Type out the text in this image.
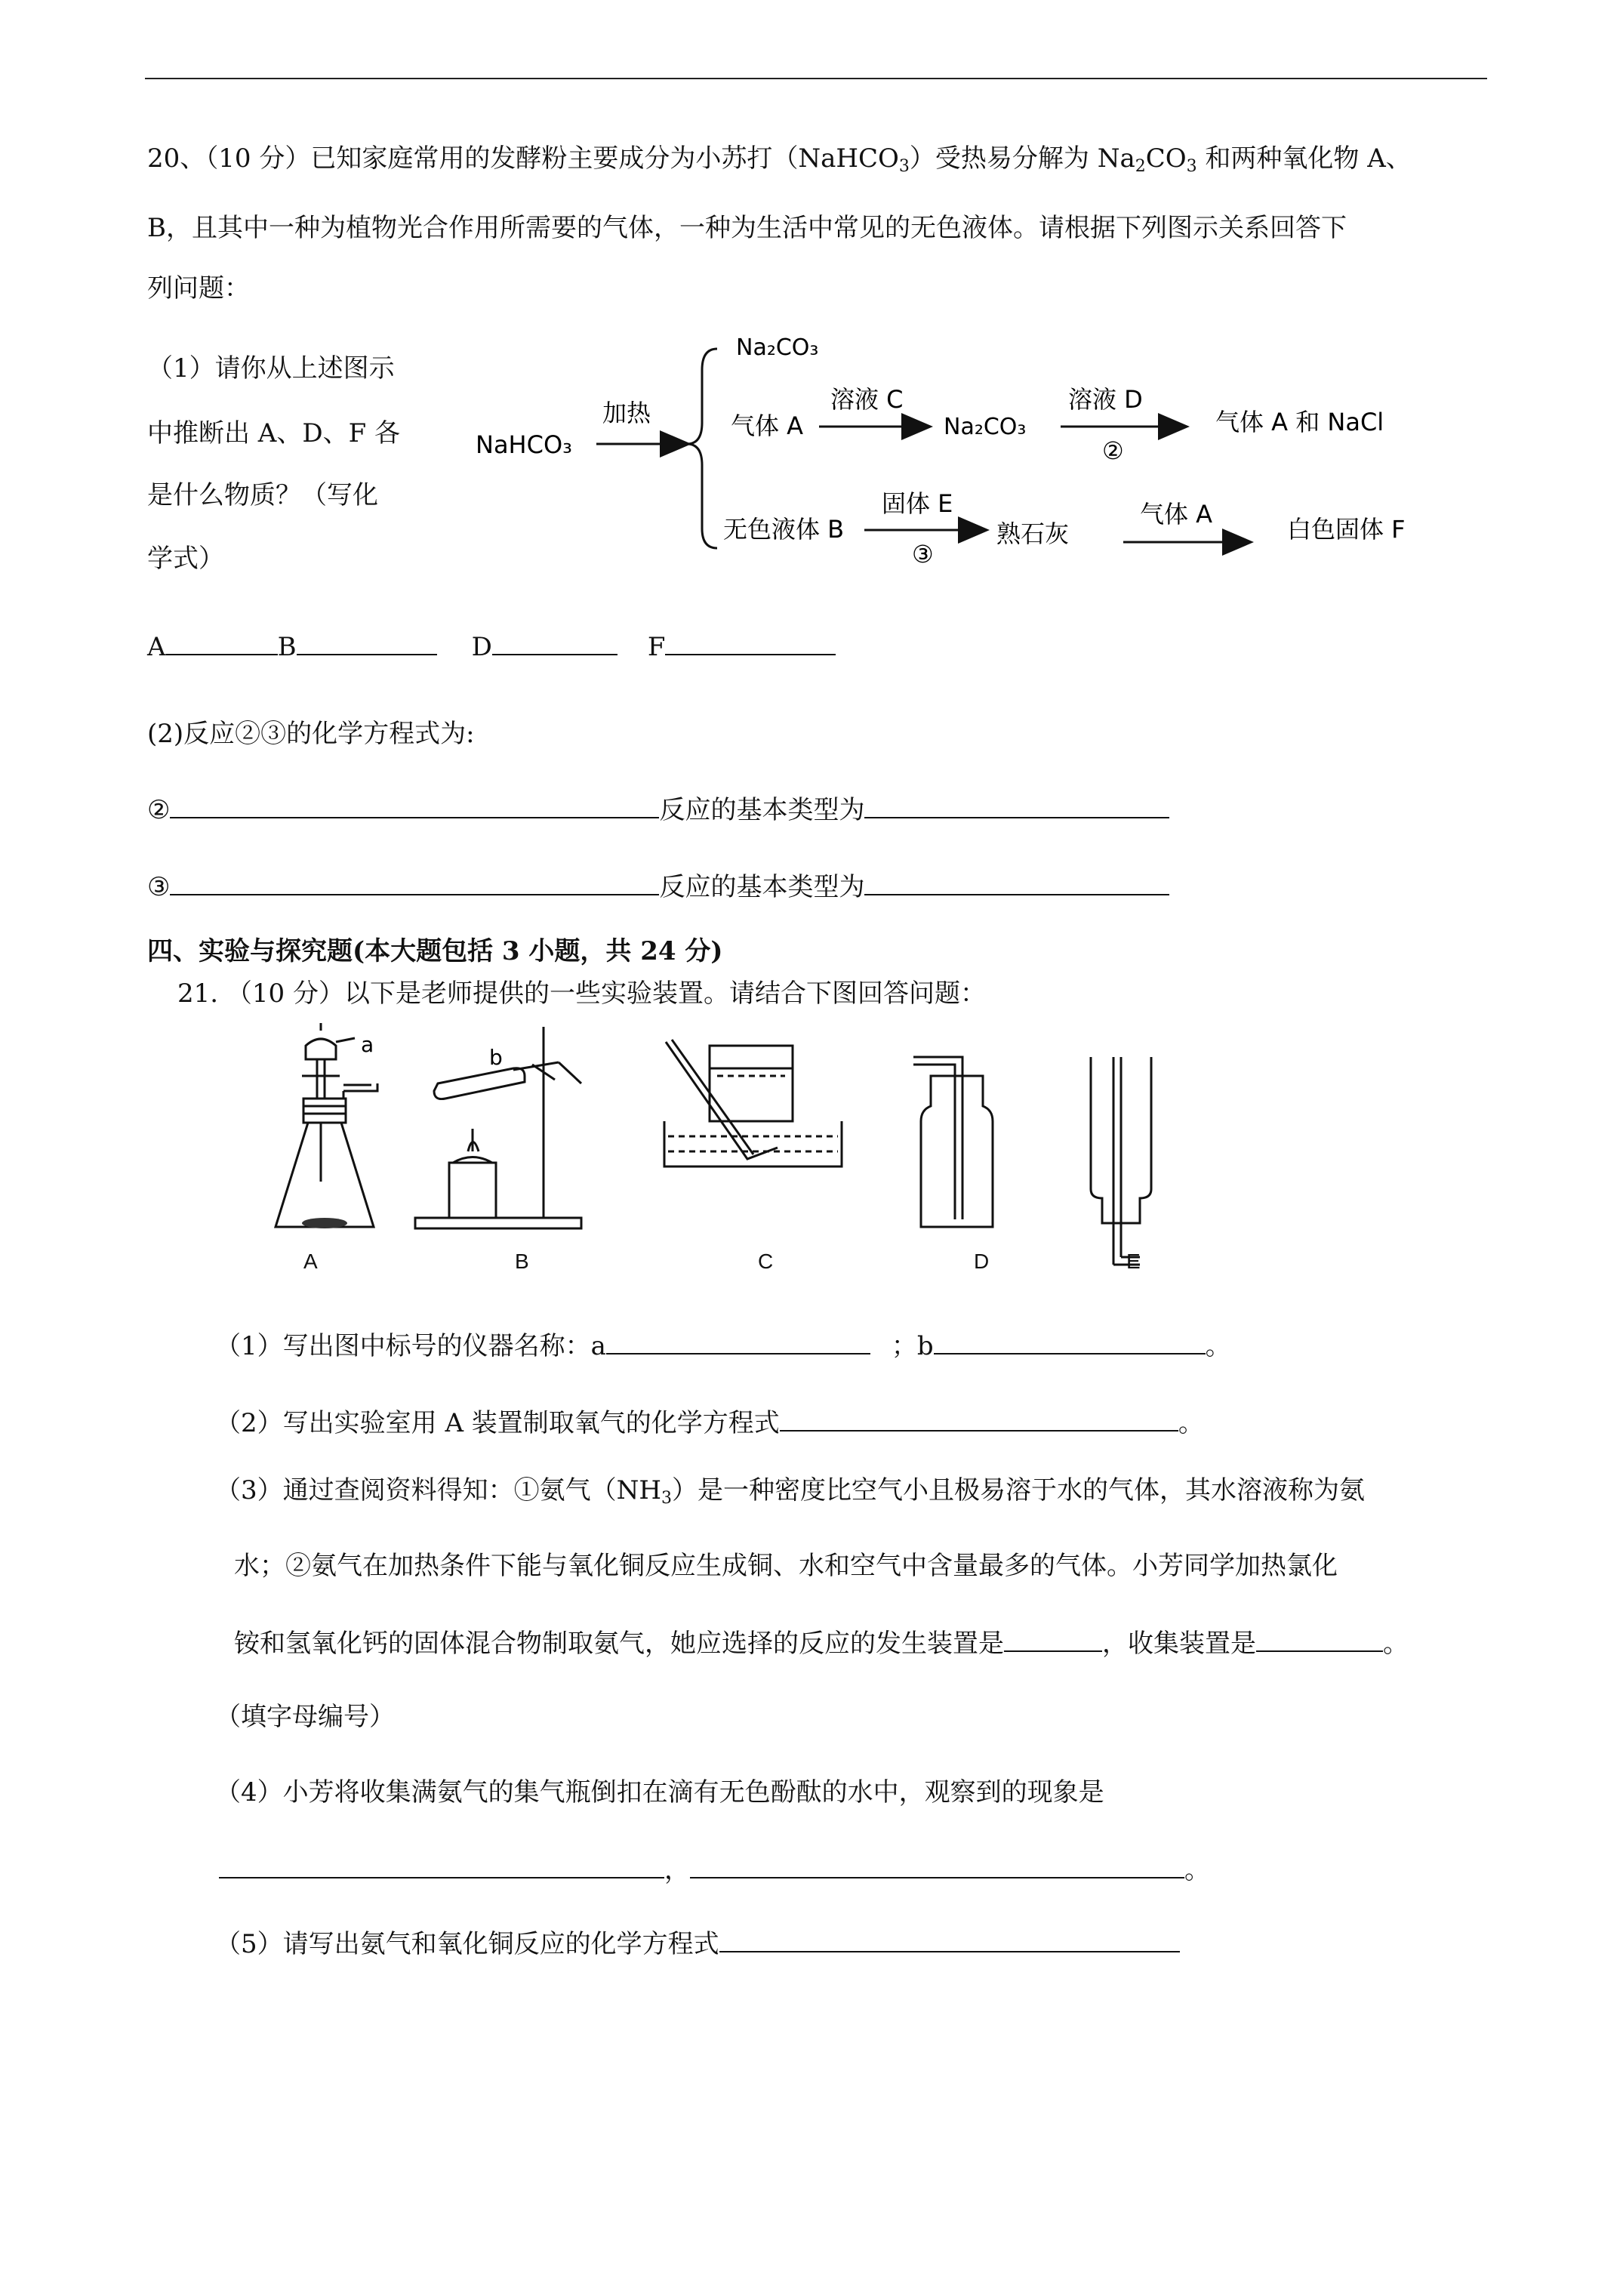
20、（10 分）已知家庭常用的发酵粉主要成分为小苏打（NaHCO$_3$）受热易分解为 $Na_2CO_3$ 和两种氧化物 A、
B，且其中一种为植物光合作用所需要的气体，一种为生活中常见的无色液体。请根据下列图示关系回答下
列问题：
（1）请你从上述图示
中推断出 A、D、F 各
是什么物质？（写化
学式）
NaHCO₃
加热
Na₂CO₃
气体 A
溶液 C
Na₂CO₃
溶液 D
②
气体 A 和 NaCl
无色液体 B
固体 E
③
熟石灰
气体 A
白色固体 F
A	B	D	F
(2)反应②③的化学方程式为:
②	反应的基本类型为
③	反应的基本类型为
四、实验与探究题(本大题包括 3 小题，共 24 分)
21. （10 分）以下是老师提供的一些实验装置。请结合下图回答问题：
a
b
A	B	C	D	E
（1）写出图中标号的仪器名称：a	；b	。
（2）写出实验室用 A 装置制取氧气的化学方程式	。
（3）通过查阅资料得知：①氨气$(NH_3)$是一种密度比空气小且极易溶于水的气体，其水溶液称为氨
水；②氨气在加热条件下能与氧化铜反应生成铜、水和空气中含量最多的气体。小芳同学加热氯化
铵和氢氧化钙的固体混合物制取氨气，她应选择的反应的发生装置是	，收集装置是	。
（填字母编号）
（4）小芳将收集满氨气的集气瓶倒扣在滴有无色酚酞的水中，观察到的现象是
，	。
（5）请写出氨气和氧化铜反应的化学方程式
